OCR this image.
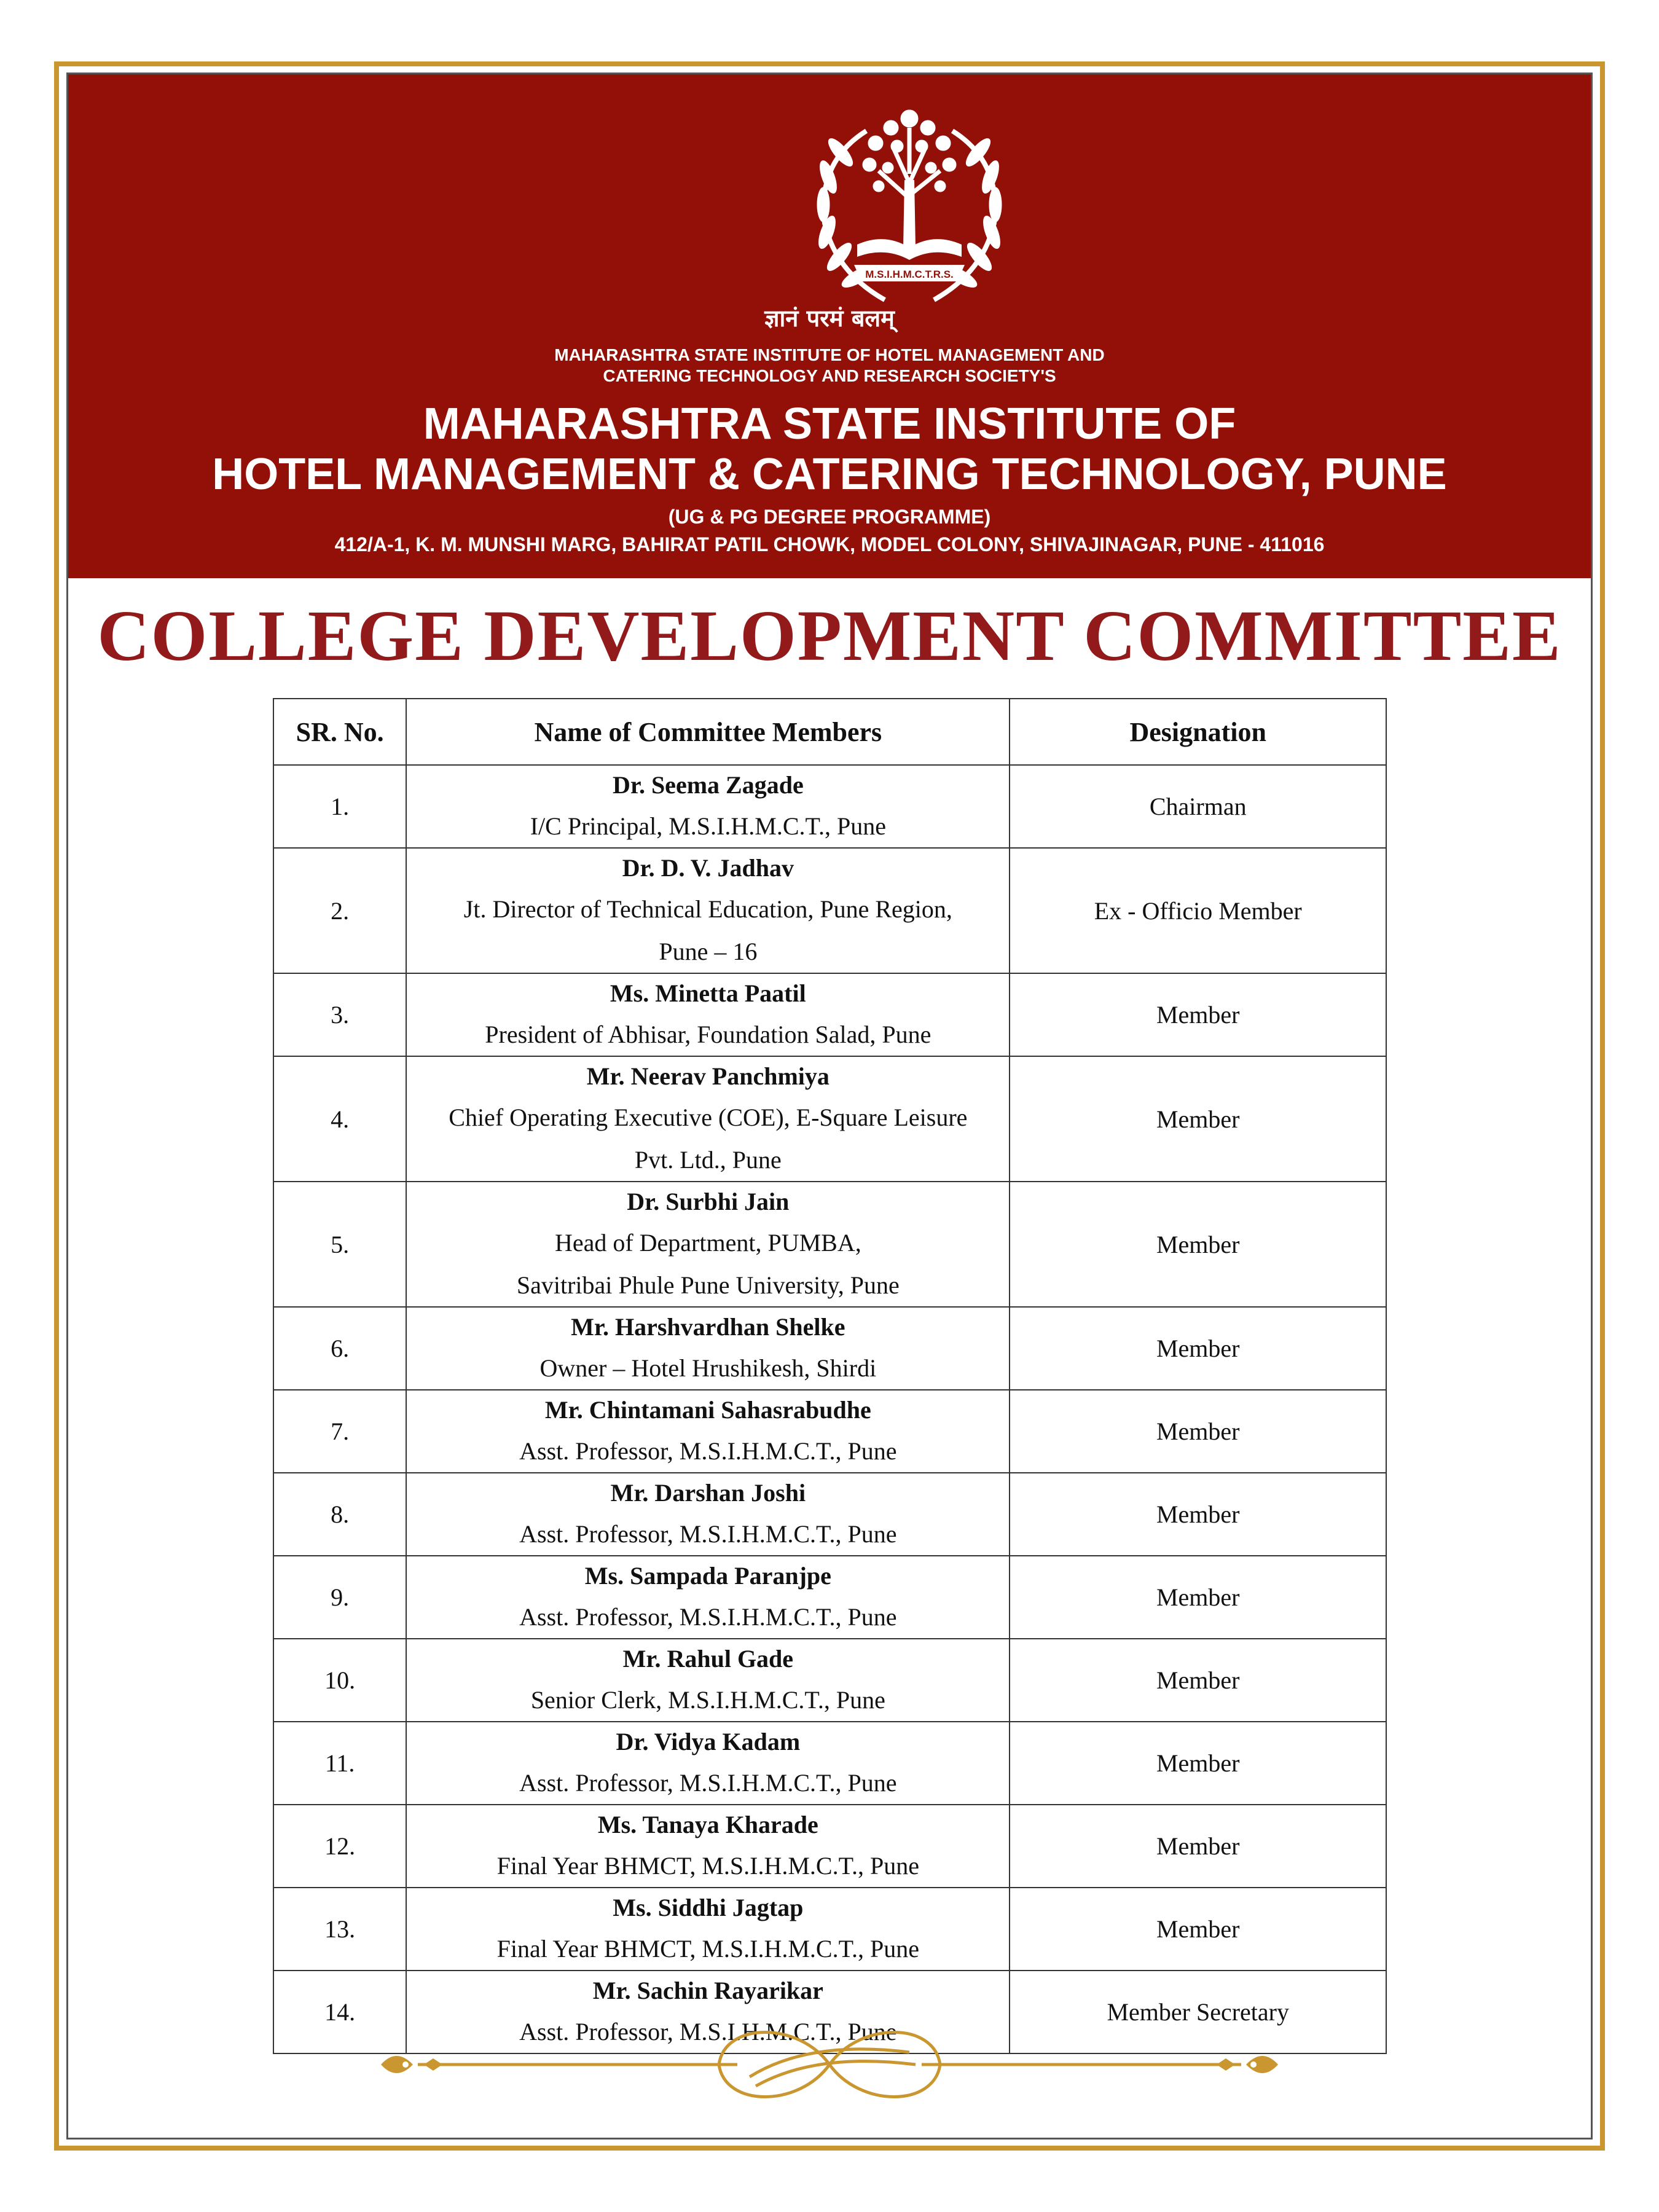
M.S.I.H.M.C.T.R.S.
ज्ञानं परमं बलम्
MAHARASHTRA STATE INSTITUTE OF HOTEL MANAGEMENT AND
CATERING TECHNOLOGY AND RESEARCH SOCIETY'S
MAHARASHTRA STATE INSTITUTE OF
HOTEL MANAGEMENT & CATERING TECHNOLOGY, PUNE
(UG & PG DEGREE PROGRAMME)
412/A-1, K. M. MUNSHI MARG, BAHIRAT PATIL CHOWK, MODEL COLONY, SHIVAJINAGAR, PUNE - 411016
COLLEGE DEVELOPMENT COMMITTEE
SR. No.	Name of Committee Members	Designation
1.	Dr. Seema Zagade
I/C Principal, M.S.I.H.M.C.T., Pune	Chairman
2.	Dr. D. V. Jadhav
Jt. Director of Technical Education, Pune Region,
Pune – 16	Ex - Officio Member
3.	Ms. Minetta Paatil
President of Abhisar, Foundation Salad, Pune	Member
4.	Mr. Neerav Panchmiya
Chief Operating Executive (COE), E-Square Leisure
Pvt. Ltd., Pune	Member
5.	Dr. Surbhi Jain
Head of Department, PUMBA,
Savitribai Phule Pune University, Pune	Member
6.	Mr. Harshvardhan Shelke
Owner – Hotel Hrushikesh, Shirdi	Member
7.	Mr. Chintamani Sahasrabudhe
Asst. Professor, M.S.I.H.M.C.T., Pune	Member
8.	Mr. Darshan Joshi
Asst. Professor, M.S.I.H.M.C.T., Pune	Member
9.	Ms. Sampada Paranjpe
Asst. Professor, M.S.I.H.M.C.T., Pune	Member
10.	Mr. Rahul Gade
Senior Clerk, M.S.I.H.M.C.T., Pune	Member
11.	Dr. Vidya Kadam
Asst. Professor, M.S.I.H.M.C.T., Pune	Member
12.	Ms. Tanaya Kharade
Final Year BHMCT, M.S.I.H.M.C.T., Pune	Member
13.	Ms. Siddhi Jagtap
Final Year BHMCT, M.S.I.H.M.C.T., Pune	Member
14.	Mr. Sachin Rayarikar
Asst. Professor, M.S.I.H.M.C.T., Pune	Member Secretary
